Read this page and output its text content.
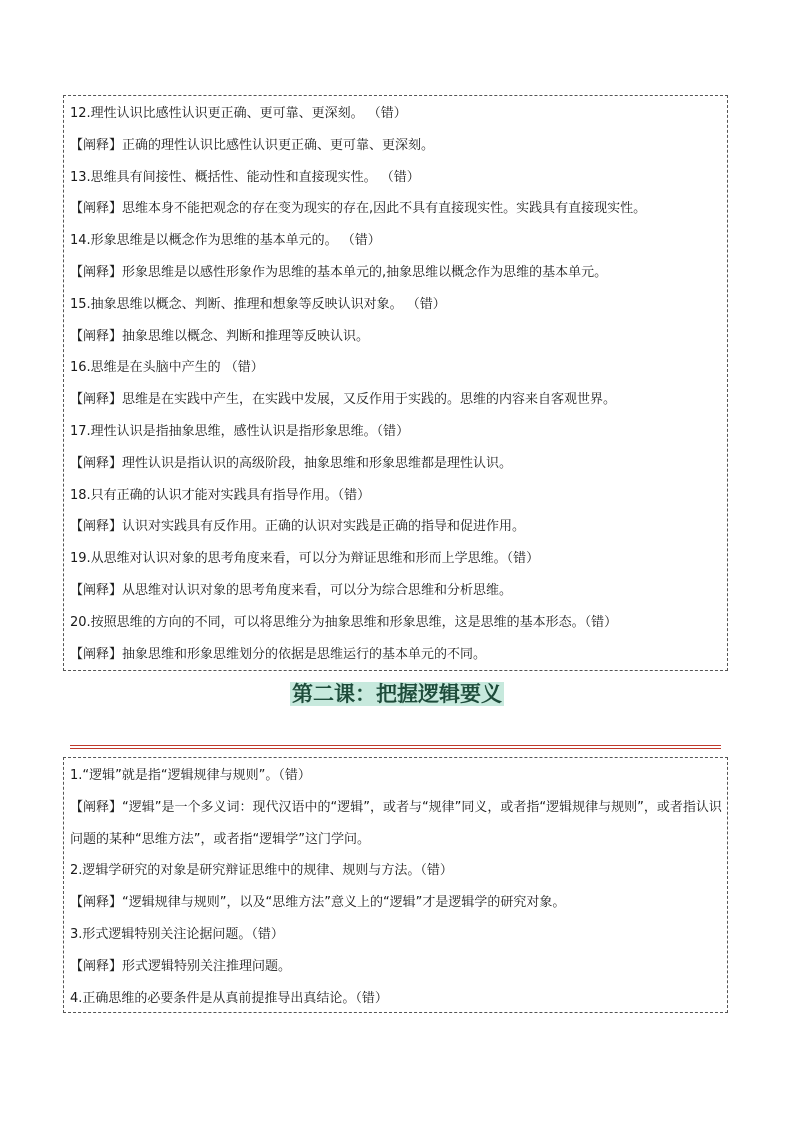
12.理性认识比感性认识更正确、更可靠、更深刻。 （错）

【阐释】正确的理性认识比感性认识更正确、更可靠、更深刻。

13.思维具有间接性、概括性、能动性和直接现实性。 （错）

【阐释】思维本身不能把观念的存在变为现实的存在,因此不具有直接现实性。实践具有直接现实性。

14.形象思维是以概念作为思维的基本单元的。 （错）

【阐释】形象思维是以感性形象作为思维的基本单元的,抽象思维以概念作为思维的基本单元。

15.抽象思维以概念、判断、推理和想象等反映认识对象。 （错）

【阐释】抽象思维以概念、判断和推理等反映认识。

16.思维是在头脑中产生的 （错）

【阐释】思维是在实践中产生，在实践中发展，又反作用于实践的。思维的内容来自客观世界。

17.理性认识是指抽象思维，感性认识是指形象思维。（错）

【阐释】理性认识是指认识的高级阶段，抽象思维和形象思维都是理性认识。

18.只有正确的认识才能对实践具有指导作用。（错）

【阐释】认识对实践具有反作用。正确的认识对实践是正确的指导和促进作用。

19.从思维对认识对象的思考角度来看，可以分为辩证思维和形而上学思维。（错）

【阐释】从思维对认识对象的思考角度来看，可以分为综合思维和分析思维。

20.按照思维的方向的不同，可以将思维分为抽象思维和形象思维，这是思维的基本形态。（错）

【阐释】抽象思维和形象思维划分的依据是思维运行的基本单元的不同。

第二课：把握逻辑要义

1.“逻辑”就是指“逻辑规律与规则”。（错）

【阐释】“逻辑”是一个多义词：现代汉语中的“逻辑”，或者与“规律”同义，或者指“逻辑规律与规则”，或者指认识问题的某种“思维方法”，或者指“逻辑学”这门学问。

2.逻辑学研究的对象是研究辩证思维中的规律、规则与方法。（错）

【阐释】“逻辑规律与规则”，以及“思维方法”意义上的“逻辑”才是逻辑学的研究对象。

3.形式逻辑特别关注论据问题。（错）

【阐释】形式逻辑特别关注推理问题。

4.正确思维的必要条件是从真前提推导出真结论。（错）
